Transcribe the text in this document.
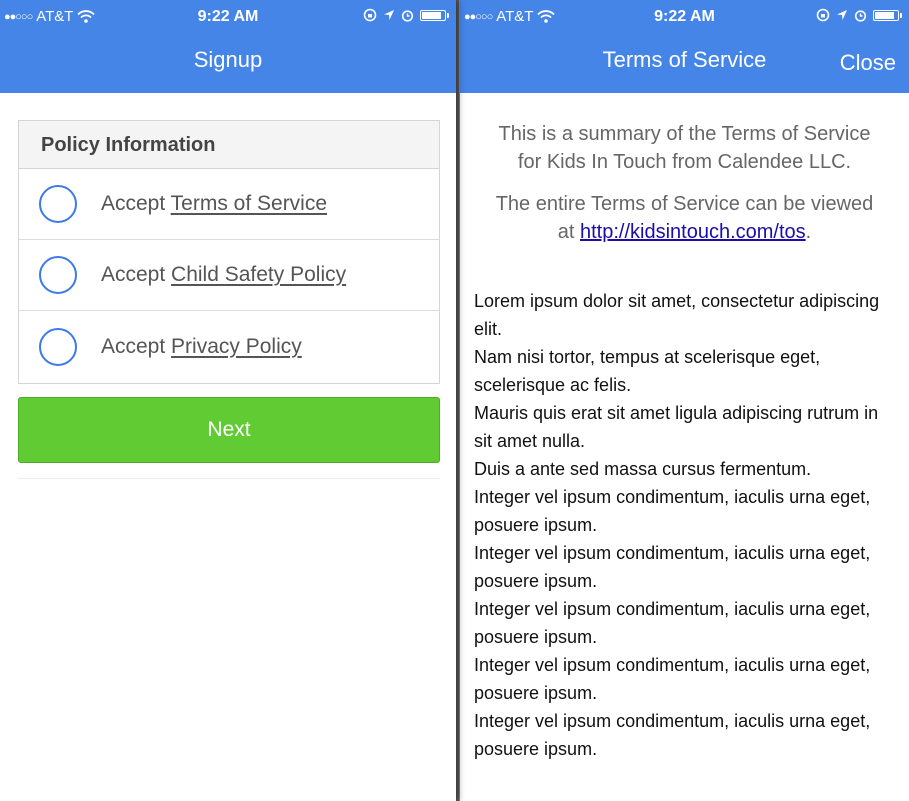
●●○○○ AT&T	9:22 AM
Signup
Policy Information
Accept Terms of Service
Accept Child Safety Policy
Accept Privacy Policy
Next
●●○○○ AT&T	9:22 AM
Terms of Service	Close

This is a summary of the Terms of Service for Kids In Touch from Calendee LLC.

The entire Terms of Service can be viewed at http://kidsintouch.com/tos.

Lorem ipsum dolor sit amet, consectetur adipiscing elit.
Nam nisi tortor, tempus at scelerisque eget, scelerisque ac felis.
Mauris quis erat sit amet ligula adipiscing rutrum in sit amet nulla.
Duis a ante sed massa cursus fermentum.
Integer vel ipsum condimentum, iaculis urna eget, posuere ipsum.
Integer vel ipsum condimentum, iaculis urna eget, posuere ipsum.
Integer vel ipsum condimentum, iaculis urna eget, posuere ipsum.
Integer vel ipsum condimentum, iaculis urna eget, posuere ipsum.
Integer vel ipsum condimentum, iaculis urna eget, posuere ipsum.
